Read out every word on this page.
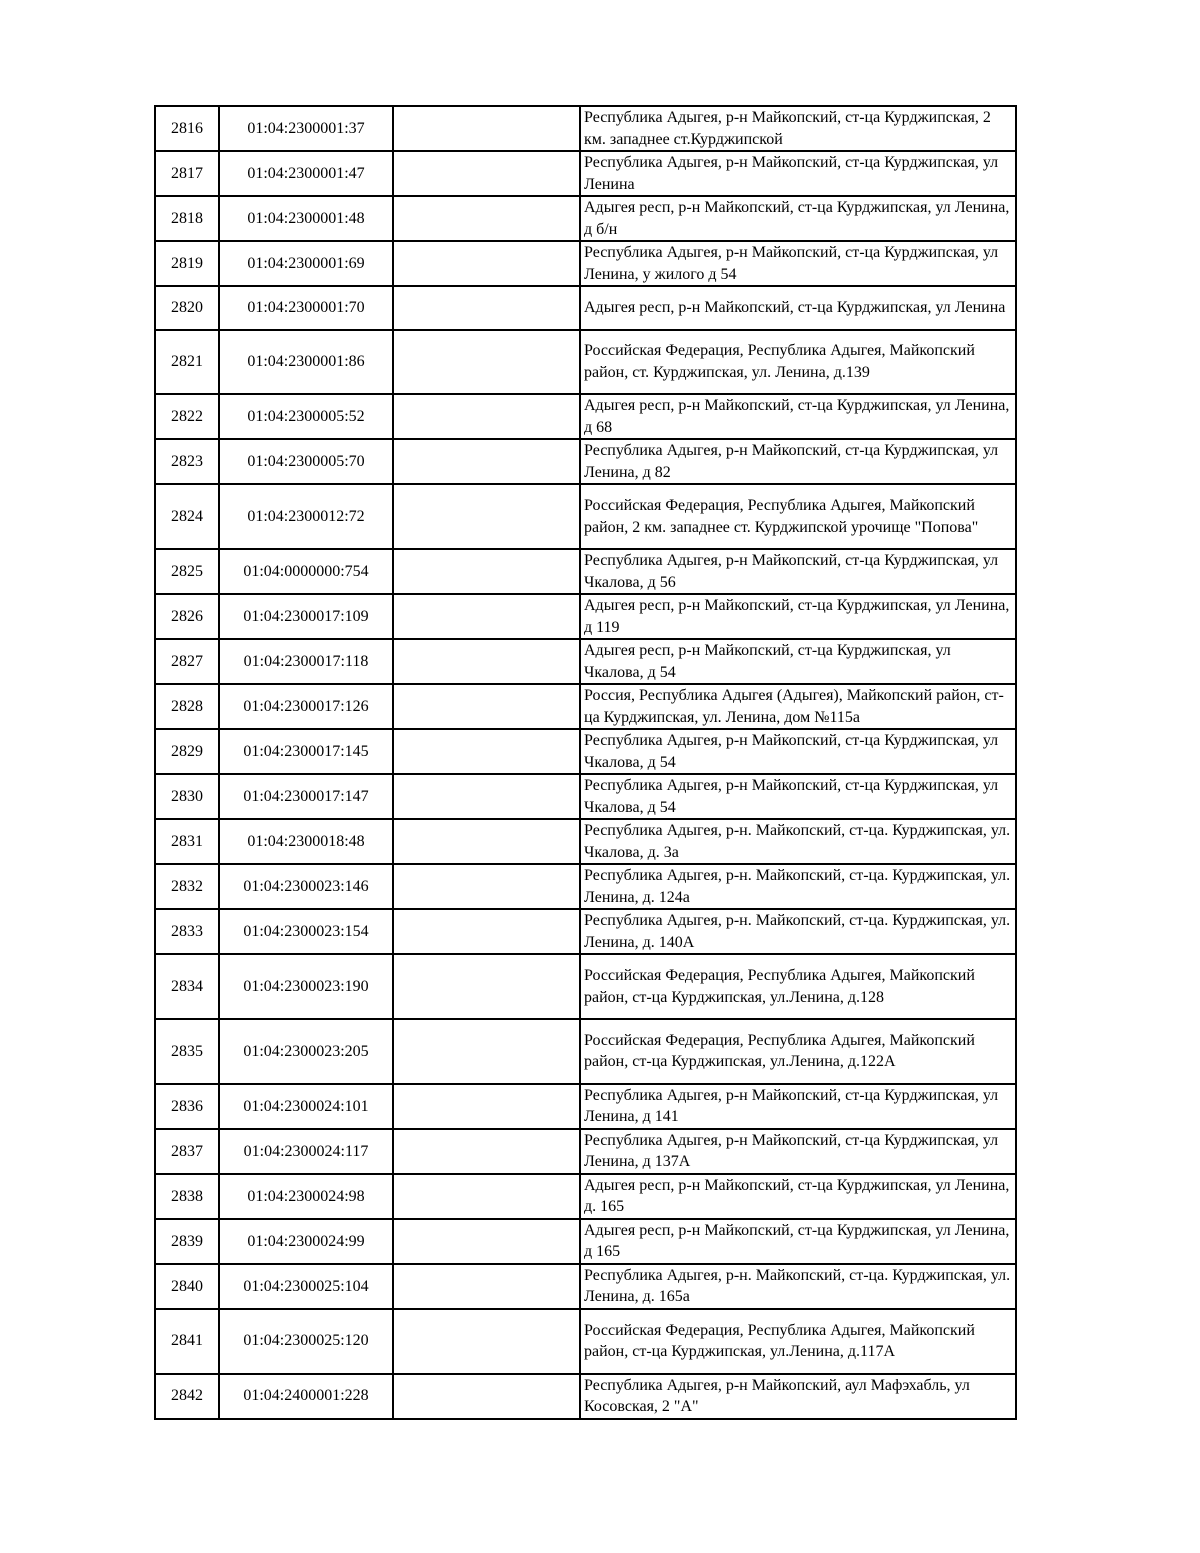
2816	01:04:2300001:37		Республика Адыгея, р-н Майкопский, ст-ца Курджипская, 2 км. западнее ст.Курджипской
2817	01:04:2300001:47		Республика Адыгея, р-н Майкопский, ст-ца Курджипская, ул Ленина
2818	01:04:2300001:48		Адыгея респ, р-н Майкопский, ст-ца Курджипская, ул Ленина, д б/н
2819	01:04:2300001:69		Республика Адыгея, р-н Майкопский, ст-ца Курджипская, ул Ленина, у жилого д 54
2820	01:04:2300001:70		Адыгея респ, р-н Майкопский, ст-ца Курджипская, ул Ленина
2821	01:04:2300001:86		Российская Федерация, Республика Адыгея, Майкопский район, ст. Курджипская, ул. Ленина, д.139
2822	01:04:2300005:52		Адыгея респ, р-н Майкопский, ст-ца Курджипская, ул Ленина, д 68
2823	01:04:2300005:70		Республика Адыгея, р-н Майкопский, ст-ца Курджипская, ул Ленина, д 82
2824	01:04:2300012:72		Российская Федерация, Республика Адыгея, Майкопский район, 2 км. западнее ст. Курджипской урочище "Попова"
2825	01:04:0000000:754		Республика Адыгея, р-н Майкопский, ст-ца Курджипская, ул Чкалова, д 56
2826	01:04:2300017:109		Адыгея респ, р-н Майкопский, ст-ца Курджипская, ул Ленина, д 119
2827	01:04:2300017:118		Адыгея респ, р-н Майкопский, ст-ца Курджипская, ул Чкалова, д 54
2828	01:04:2300017:126		Россия, Республика Адыгея (Адыгея), Майкопский район, ст-ца Курджипская, ул. Ленина, дом №115а
2829	01:04:2300017:145		Республика Адыгея, р-н Майкопский, ст-ца Курджипская, ул Чкалова, д 54
2830	01:04:2300017:147		Республика Адыгея, р-н Майкопский, ст-ца Курджипская, ул Чкалова, д 54
2831	01:04:2300018:48		Республика Адыгея, р-н. Майкопский, ст-ца. Курджипская, ул. Чкалова, д. 3а
2832	01:04:2300023:146		Республика Адыгея, р-н. Майкопский, ст-ца. Курджипская, ул. Ленина, д. 124а
2833	01:04:2300023:154		Республика Адыгея, р-н. Майкопский, ст-ца. Курджипская, ул. Ленина, д. 140А
2834	01:04:2300023:190		Российская Федерация, Республика Адыгея, Майкопский район, ст-ца Курджипская, ул.Ленина, д.128
2835	01:04:2300023:205		Российская Федерация, Республика Адыгея, Майкопский район, ст-ца Курджипская, ул.Ленина, д.122А
2836	01:04:2300024:101		Республика Адыгея, р-н Майкопский, ст-ца Курджипская, ул Ленина, д 141
2837	01:04:2300024:117		Республика Адыгея, р-н Майкопский, ст-ца Курджипская, ул Ленина, д 137А
2838	01:04:2300024:98		Адыгея респ, р-н Майкопский, ст-ца Курджипская, ул Ленина, д. 165
2839	01:04:2300024:99		Адыгея респ, р-н Майкопский, ст-ца Курджипская, ул Ленина, д 165
2840	01:04:2300025:104		Республика Адыгея, р-н. Майкопский, ст-ца. Курджипская, ул. Ленина, д. 165а
2841	01:04:2300025:120		Российская Федерация, Республика Адыгея, Майкопский район, ст-ца Курджипская, ул.Ленина, д.117А
2842	01:04:2400001:228		Республика Адыгея, р-н Майкопский, аул Мафэхабль, ул Косовская, 2 "А"
